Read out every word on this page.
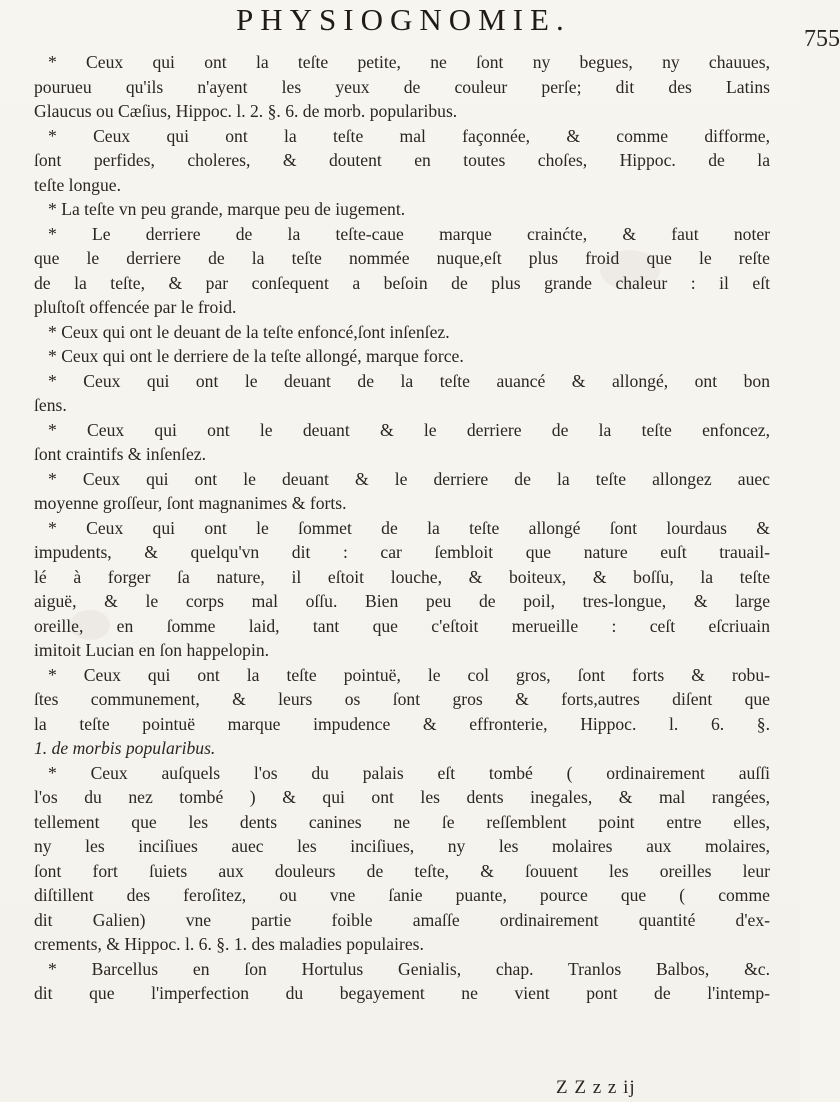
PHYSIOGNOMIE.
755
* Ceux qui ont la teſte petite, ne ſont ny begues, ny chauues,
pourueu qu'ils n'ayent les yeux de couleur perſe; dit des Latins
Glaucus ou Cæſius, Hippoc. l. 2. §. 6. de morb. popularibus.
* Ceux qui ont la teſte mal façonnée, & comme difforme,
ſont perfides, choleres, & doutent en toutes choſes, Hippoc. de la
teſte longue.
* La teſte vn peu grande, marque peu de iugement.
* Le derriere de la teſte-caue marque crainćte, & faut noter
que le derriere de la teſte nommée nuque,eſt plus froid que le reſte
de la teſte, & par conſequent a beſoin de plus grande chaleur : il eſt
pluſtoſt offencée par le froid.
* Ceux qui ont le deuant de la teſte enfoncé,ſont inſenſez.
* Ceux qui ont le derriere de la teſte allongé, marque force.
* Ceux qui ont le deuant de la teſte auancé & allongé, ont bon
ſens.
* Ceux qui ont le deuant & le derriere de la teſte enfoncez,
ſont craintifs & inſenſez.
* Ceux qui ont le deuant & le derriere de la teſte allongez auec
moyenne groſſeur, ſont magnanimes & forts.
* Ceux qui ont le ſommet de la teſte allongé ſont lourdaus &
impudents, & quelqu'vn dit : car ſembloit que nature euſt trauail-
lé à forger ſa nature, il eſtoit louche, & boiteux, & boſſu, la teſte
aiguë, & le corps mal oſſu. Bien peu de poil, tres-longue, & large
oreille, en ſomme laid, tant que c'eſtoit merueille : ceſt eſcriuain
imitoit Lucian en ſon happelopin.
* Ceux qui ont la teſte pointuë, le col gros, ſont forts & robu-
ſtes communement, & leurs os ſont gros & forts,autres diſent que
la teſte pointuë marque impudence & effronterie, Hippoc. l. 6. §.
1. de morbis popularibus.
* Ceux auſquels l'os du palais eſt tombé ( ordinairement auſſi
l'os du nez tombé ) & qui ont les dents inegales, & mal rangées,
tellement que les dents canines ne ſe reſſemblent point entre elles,
ny les inciſiues auec les inciſiues, ny les molaires aux molaires,
ſont fort ſuiets aux douleurs de teſte, & ſouuent les oreilles leur
diſtillent des feroſitez, ou vne ſanie puante, pource que ( comme
dit Galien) vne partie foible amaſſe ordinairement quantité d'ex-
crements, & Hippoc. l. 6. §. 1. des maladies populaires.
* Barcellus en ſon Hortulus Genialis, chap. Tranlos Balbos, &c.
dit que l'imperfection du begayement ne vient pont de l'intemp-
Z Z z z ij
